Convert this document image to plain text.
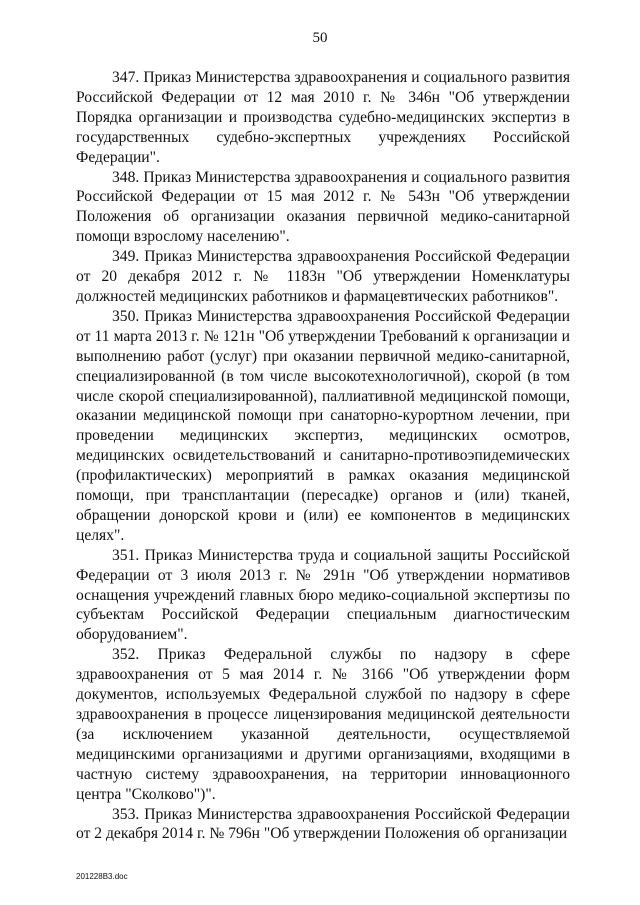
50

347. Приказ Министерства здравоохранения и социального развития Российской Федерации от 12 мая 2010 г. № 346н "Об утверждении Порядка организации и производства судебно-медицинских экспертиз в государственных судебно-экспертных учреждениях Российской Федерации".

348. Приказ Министерства здравоохранения и социального развития Российской Федерации от 15 мая 2012 г. № 543н "Об утверждении Положения об организации оказания первичной медико-санитарной помощи взрослому населению".

349. Приказ Министерства здравоохранения Российской Федерации от 20 декабря 2012 г. № 1183н "Об утверждении Номенклатуры должностей медицинских работников и фармацевтических работников".

350. Приказ Министерства здравоохранения Российской Федерации от 11 марта 2013 г. № 121н "Об утверждении Требований к организации и выполнению работ (услуг) при оказании первичной медико-санитарной, специализированной (в том числе высокотехнологичной), скорой (в том числе скорой специализированной), паллиативной медицинской помощи, оказании медицинской помощи при санаторно-курортном лечении, при проведении медицинских экспертиз, медицинских осмотров, медицинских освидетельствований и санитарно-противоэпидемических (профилактических) мероприятий в рамках оказания медицинской помощи, при трансплантации (пересадке) органов и (или) тканей, обращении донорской крови и (или) ее компонентов в медицинских целях".

351. Приказ Министерства труда и социальной защиты Российской Федерации от 3 июля 2013 г. № 291н "Об утверждении нормативов оснащения учреждений главных бюро медико-социальной экспертизы по субъектам Российской Федерации специальным диагностическим оборудованием".

352. Приказ Федеральной службы по надзору в сфере здравоохранения от 5 мая 2014 г. № 3166 "Об утверждении форм документов, используемых Федеральной службой по надзору в сфере здравоохранения в процессе лицензирования медицинской деятельности (за исключением указанной деятельности, осуществляемой медицинскими организациями и другими организациями, входящими в частную систему здравоохранения, на территории инновационного центра "Сколково")".

353. Приказ Министерства здравоохранения Российской Федерации от 2 декабря 2014 г. № 796н "Об утверждении Положения об организации

201228В3.doc
